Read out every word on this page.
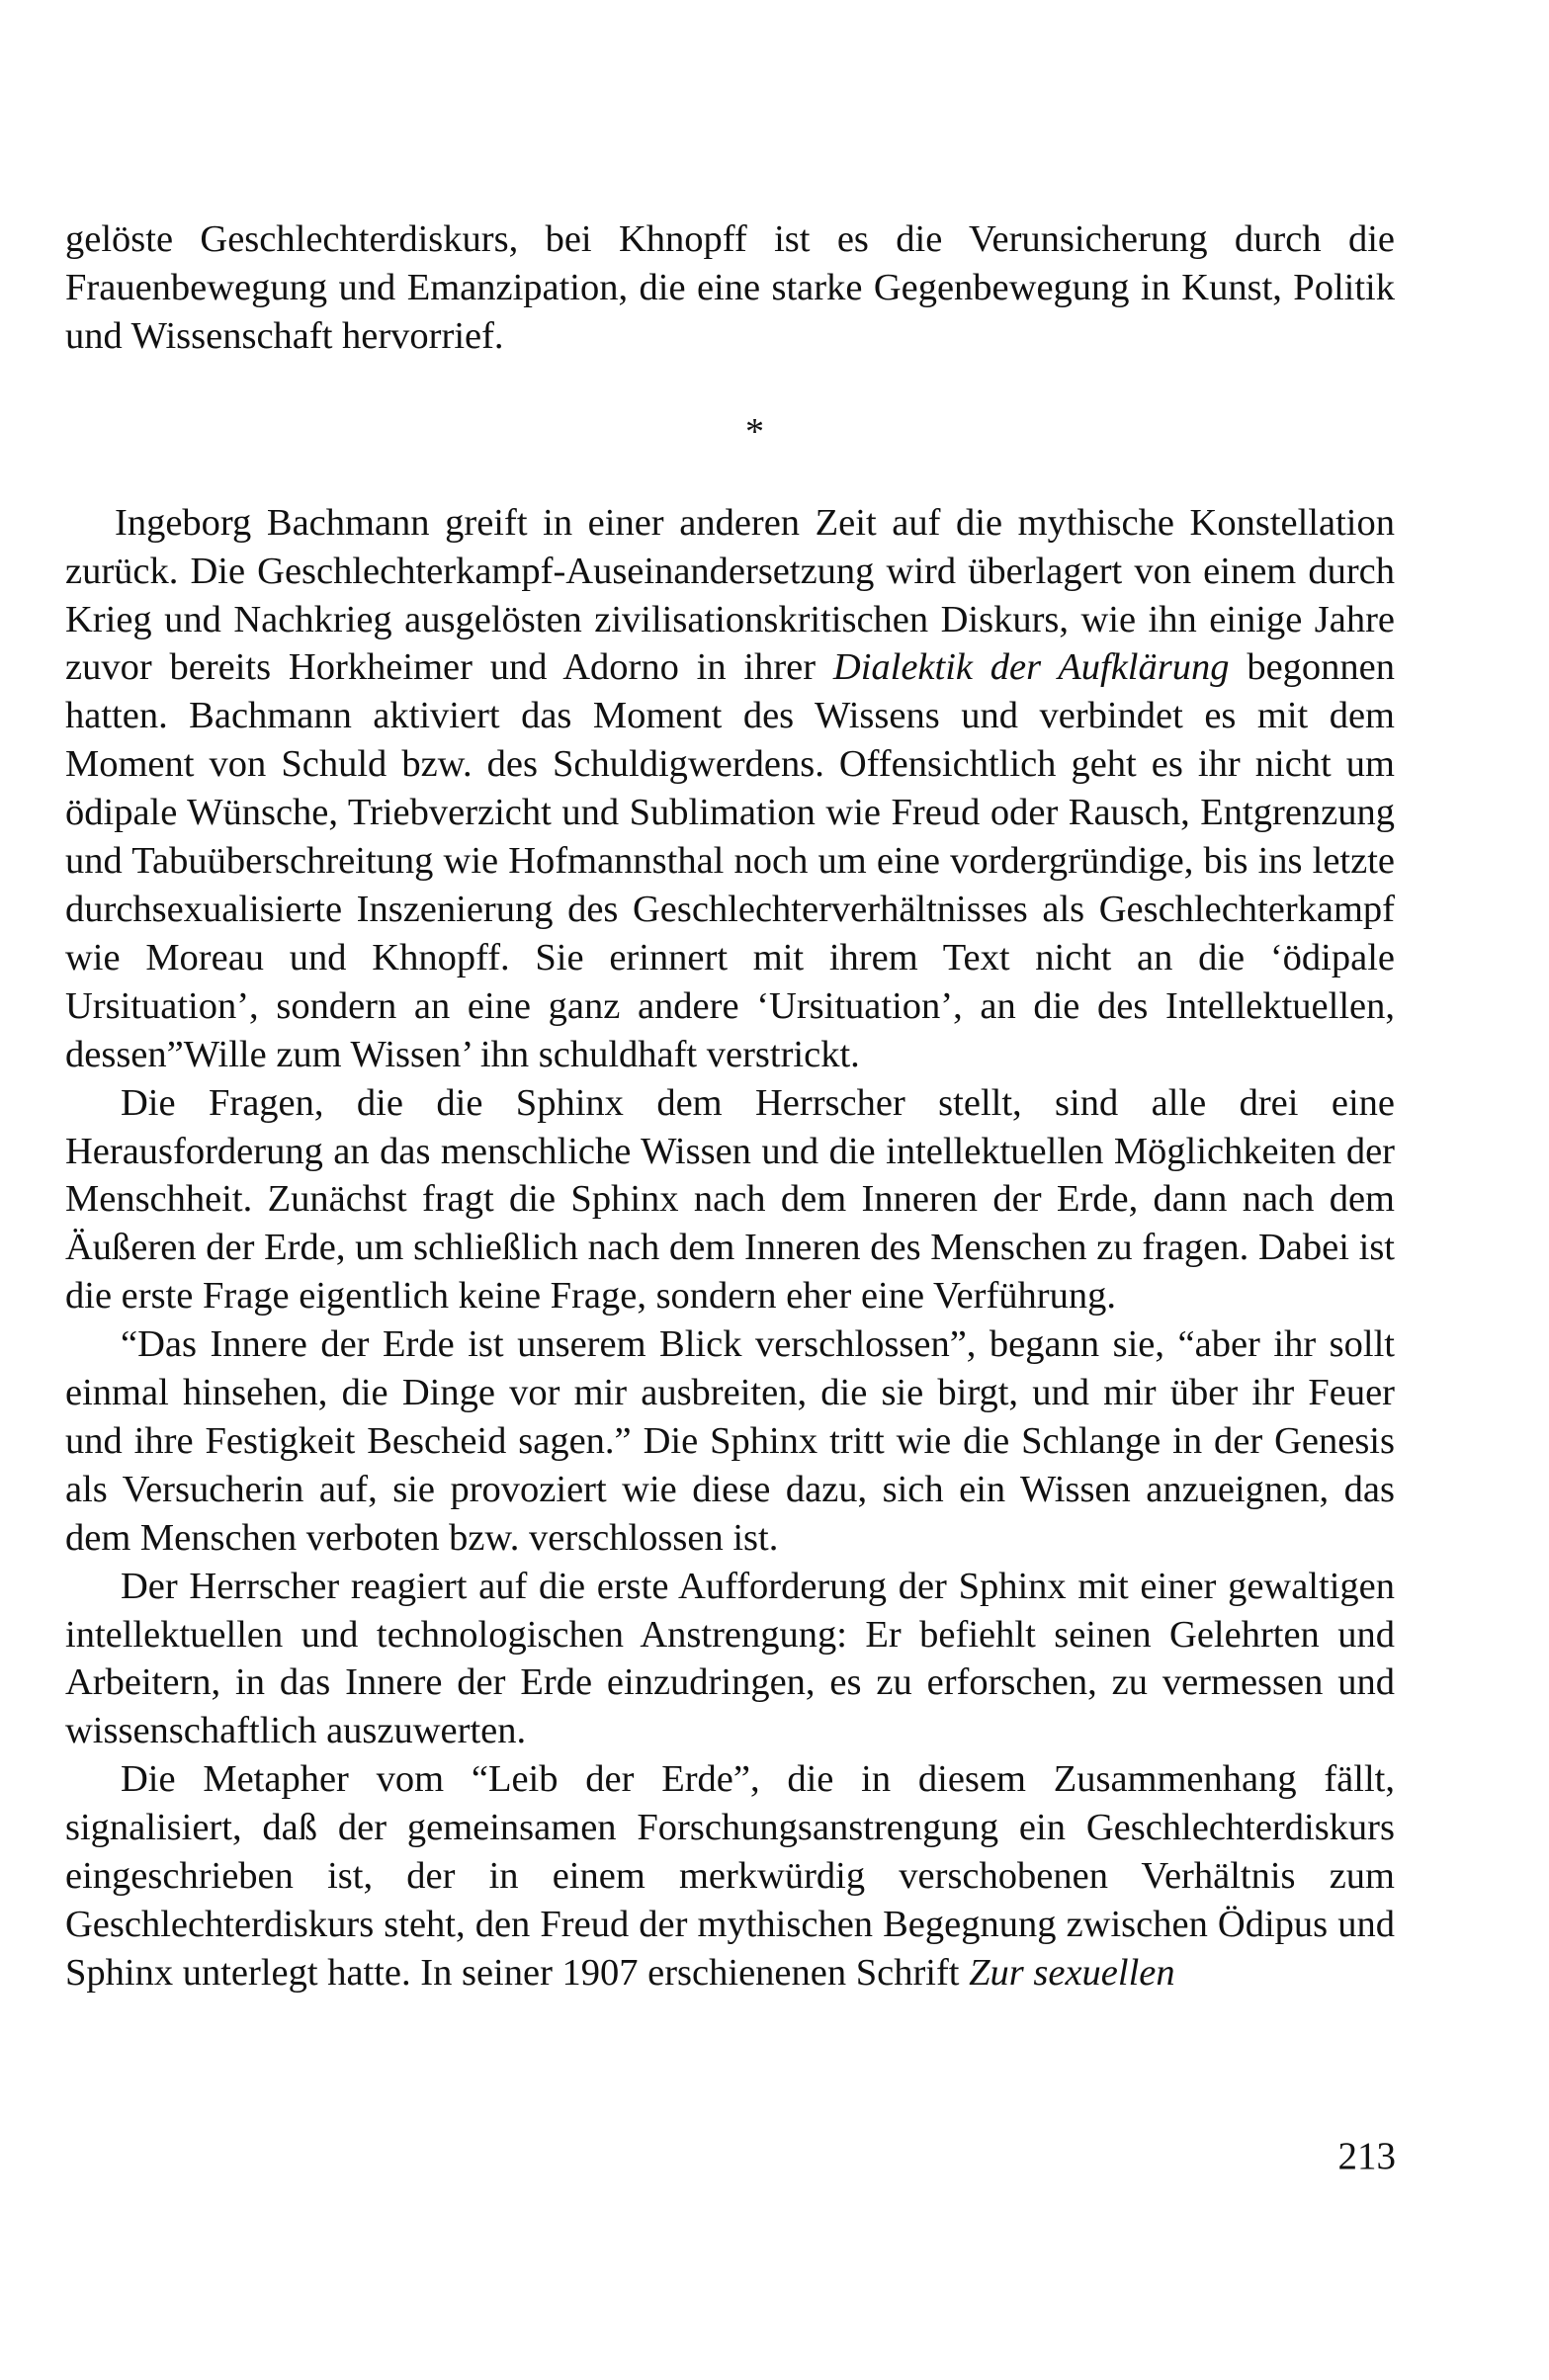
gelöste Geschlechterdiskurs, bei Khnopff ist es die Verunsicherung durch die Frauenbewegung und Emanzipation, die eine starke Gegenbewegung in Kunst, Politik und Wissenschaft hervorrief.

*

Ingeborg Bachmann greift in einer anderen Zeit auf die mythische Konstellation zurück. Die Geschlechterkampf-Auseinandersetzung wird überlagert von einem durch Krieg und Nachkrieg ausgelösten zivilisationskritischen Diskurs, wie ihn einige Jahre zuvor bereits Horkheimer und Adorno in ihrer Dialektik der Aufklärung begonnen hatten. Bachmann aktiviert das Moment des Wissens und verbindet es mit dem Moment von Schuld bzw. des Schuldigwerdens. Offensichtlich geht es ihr nicht um ödipale Wünsche, Triebverzicht und Sublimation wie Freud oder Rausch, Entgrenzung und Tabuüberschreitung wie Hofmannsthal noch um eine vordergründige, bis ins letzte durchsexualisierte Inszenierung des Geschlechterverhältnisses als Geschlechterkampf wie Moreau und Khnopff. Sie erinnert mit ihrem Text nicht an die ‘ödipale Ursituation’, sondern an eine ganz andere ‘Ursituation’, an die des Intellektuellen, dessen”Wille zum Wissen’ ihn schuldhaft verstrickt.

Die Fragen, die die Sphinx dem Herrscher stellt, sind alle drei eine Herausforderung an das menschliche Wissen und die intellektuellen Möglichkeiten der Menschheit. Zunächst fragt die Sphinx nach dem Inneren der Erde, dann nach dem Äußeren der Erde, um schließlich nach dem Inneren des Menschen zu fragen. Dabei ist die erste Frage eigentlich keine Frage, sondern eher eine Verführung.

“Das Innere der Erde ist unserem Blick verschlossen”, begann sie, “aber ihr sollt einmal hinsehen, die Dinge vor mir ausbreiten, die sie birgt, und mir über ihr Feuer und ihre Festigkeit Bescheid sagen.” Die Sphinx tritt wie die Schlange in der Genesis als Versucherin auf, sie provoziert wie diese dazu, sich ein Wissen anzueignen, das dem Menschen verboten bzw. verschlossen ist.

Der Herrscher reagiert auf die erste Aufforderung der Sphinx mit einer gewaltigen intellektuellen und technologischen Anstrengung: Er befiehlt seinen Gelehrten und Arbeitern, in das Innere der Erde einzudringen, es zu erforschen, zu vermessen und wissenschaftlich auszuwerten.

Die Metapher vom “Leib der Erde”, die in diesem Zusammenhang fällt, signalisiert, daß der gemeinsamen Forschungsanstrengung ein Geschlechterdiskurs eingeschrieben ist, der in einem merkwürdig verschobenen Verhältnis zum Geschlechterdiskurs steht, den Freud der mythischen Begegnung zwischen Ödipus und Sphinx unterlegt hatte. In seiner 1907 erschienenen Schrift Zur sexuellen

213
